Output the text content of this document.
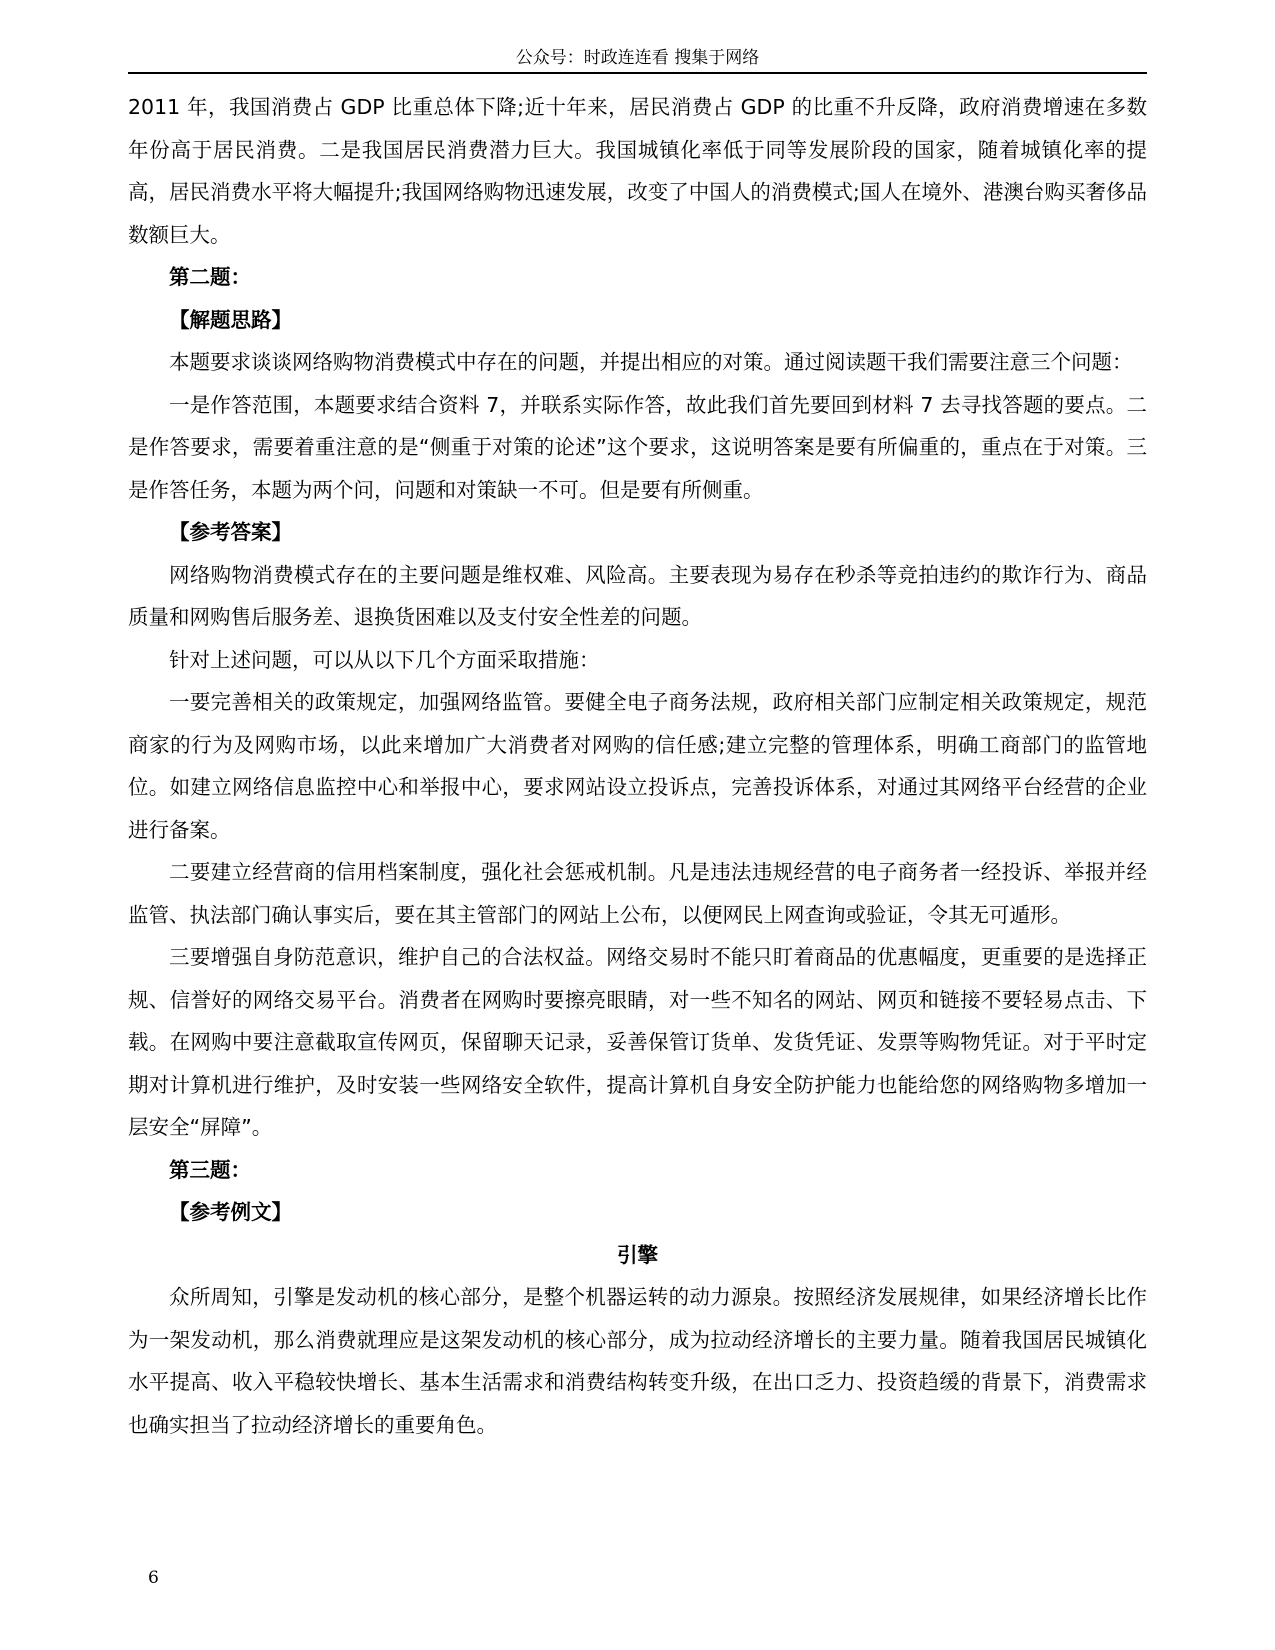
公众号：时政连连看 搜集于网络

2011 年，我国消费占 GDP 比重总体下降;近十年来，居民消费占 GDP 的比重不升反降，政府消费增速在多数年份高于居民消费。二是我国居民消费潜力巨大。我国城镇化率低于同等发展阶段的国家，随着城镇化率的提高，居民消费水平将大幅提升;我国网络购物迅速发展，改变了中国人的消费模式;国人在境外、港澳台购买奢侈品数额巨大。

第二题：
【解题思路】

本题要求谈谈网络购物消费模式中存在的问题，并提出相应的对策。通过阅读题干我们需要注意三个问题：

一是作答范围，本题要求结合资料 7，并联系实际作答，故此我们首先要回到材料 7 去寻找答题的要点。二是作答要求，需要着重注意的是“侧重于对策的论述”这个要求，这说明答案是要有所偏重的，重点在于对策。三是作答任务，本题为两个问，问题和对策缺一不可。但是要有所侧重。

【参考答案】

网络购物消费模式存在的主要问题是维权难、风险高。主要表现为易存在秒杀等竞拍违约的欺诈行为、商品质量和网购售后服务差、退换货困难以及支付安全性差的问题。

针对上述问题，可以从以下几个方面采取措施：

一要完善相关的政策规定，加强网络监管。要健全电子商务法规，政府相关部门应制定相关政策规定，规范商家的行为及网购市场，以此来增加广大消费者对网购的信任感;建立完整的管理体系，明确工商部门的监管地位。如建立网络信息监控中心和举报中心，要求网站设立投诉点，完善投诉体系，对通过其网络平台经营的企业进行备案。

二要建立经营商的信用档案制度，强化社会惩戒机制。凡是违法违规经营的电子商务者一经投诉、举报并经监管、执法部门确认事实后，要在其主管部门的网站上公布，以便网民上网查询或验证，令其无可遁形。

三要增强自身防范意识，维护自己的合法权益。网络交易时不能只盯着商品的优惠幅度，更重要的是选择正规、信誉好的网络交易平台。消费者在网购时要擦亮眼睛，对一些不知名的网站、网页和链接不要轻易点击、下载。在网购中要注意截取宣传网页，保留聊天记录，妥善保管订货单、发货凭证、发票等购物凭证。对于平时定期对计算机进行维护，及时安装一些网络安全软件，提高计算机自身安全防护能力也能给您的网络购物多增加一层安全“屏障”。

第三题：
【参考例文】
引擎

众所周知，引擎是发动机的核心部分，是整个机器运转的动力源泉。按照经济发展规律，如果经济增长比作为一架发动机，那么消费就理应是这架发动机的核心部分，成为拉动经济增长的主要力量。随着我国居民城镇化水平提高、收入平稳较快增长、基本生活需求和消费结构转变升级，在出口乏力、投资趋缓的背景下，消费需求也确实担当了拉动经济增长的重要角色。

6
